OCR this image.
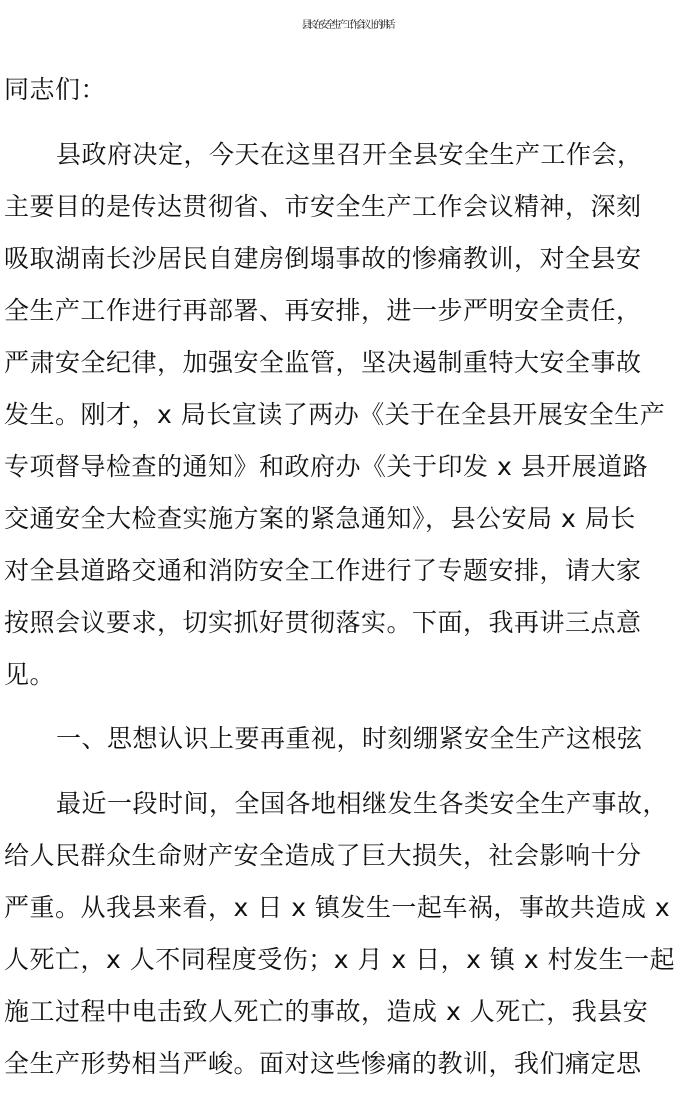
县长在安全生产工作会议上的讲话
同志们：
县政府决定，今天在这里召开全县安全生产工作会，
主要目的是传达贯彻省、市安全生产工作会议精神，深刻
吸取湖南长沙居民自建房倒塌事故的惨痛教训，对全县安
全生产工作进行再部署、再安排，进一步严明安全责任，
严肃安全纪律，加强安全监管，坚决遏制重特大安全事故
发生。刚才，x 局长宣读了两办《关于在全县开展安全生产
专项督导检查的通知》和政府办《关于印发 x 县开展道路
交通安全大检查实施方案的紧急通知》，县公安局 x 局长
对全县道路交通和消防安全工作进行了专题安排，请大家
按照会议要求，切实抓好贯彻落实。下面，我再讲三点意
见。
一、思想认识上要再重视，时刻绷紧安全生产这根弦
最近一段时间，全国各地相继发生各类安全生产事故，
给人民群众生命财产安全造成了巨大损失，社会影响十分
严重。从我县来看，x 日 x 镇发生一起车祸，事故共造成 x
人死亡，x 人不同程度受伤；x 月 x 日，x 镇 x 村发生一起
施工过程中电击致人死亡的事故，造成 x 人死亡，我县安
全生产形势相当严峻。面对这些惨痛的教训，我们痛定思
